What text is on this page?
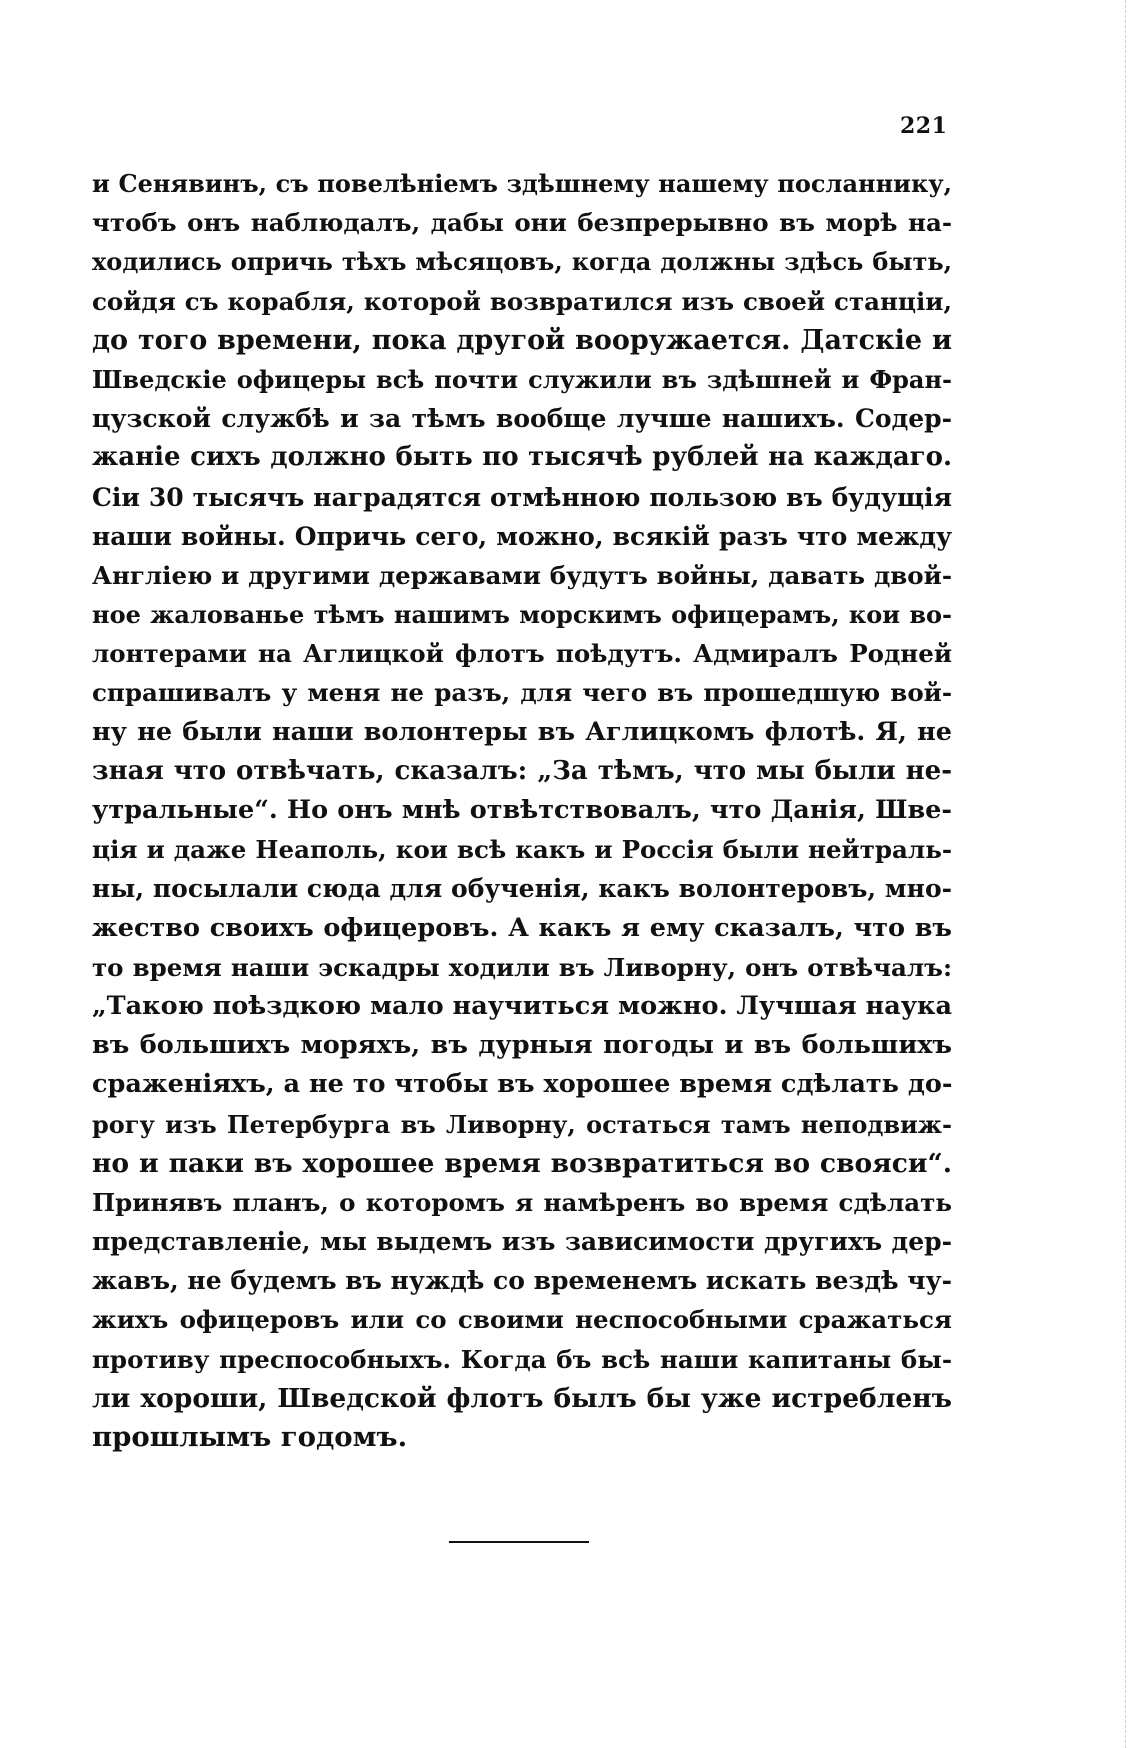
221
и Сенявинъ, съ повелѣніемъ здѣшнему нашему посланнику,
чтобъ онъ наблюдалъ, дабы они безпрерывно въ морѣ на-
ходились опричь тѣхъ мѣсяцовъ, когда должны здѣсь быть,
сойдя съ корабля, которой возвратился изъ своей станціи,
до того времени, пока другой вооружается. Датскіе и
Шведскіе офицеры всѣ почти служили въ здѣшней и Фран-
цузской службѣ и за тѣмъ вообще лучше нашихъ. Содер-
жаніе сихъ должно быть по тысячѣ рублей на каждаго.
Сіи 30 тысячъ наградятся отмѣнною пользою въ будущія
наши войны. Опричь сего, можно, всякій разъ что между
Англіею и другими державами будутъ войны, давать двой-
ное жалованье тѣмъ нашимъ морскимъ офицерамъ, кои во-
лонтерами на Аглицкой флотъ поѣдутъ. Адмиралъ Родней
спрашивалъ у меня не разъ, для чего въ прошедшую вой-
ну не были наши волонтеры въ Аглицкомъ флотѣ. Я, не
зная что отвѣчать, сказалъ: „За тѣмъ, что мы были не-
утральные“. Но онъ мнѣ отвѣтствовалъ, что Данія, Шве-
ція и даже Неаполь, кои всѣ какъ и Россія были нейтраль-
ны, посылали сюда для обученія, какъ волонтеровъ, мно-
жество своихъ офицеровъ. А какъ я ему сказалъ, что въ
то время наши эскадры ходили въ Ливорну, онъ отвѣчалъ:
„Такою поѣздкою мало научиться можно. Лучшая наука
въ большихъ моряхъ, въ дурныя погоды и въ большихъ
сраженіяхъ, а не то чтобы въ хорошее время сдѣлать до-
рогу изъ Петербурга въ Ливорну, остаться тамъ неподвиж-
но и паки въ хорошее время возвратиться во свояси“.
Принявъ планъ, о которомъ я намѣренъ во время сдѣлать
представленіе, мы выдемъ изъ зависимости другихъ дер-
жавъ, не будемъ въ нуждѣ со временемъ искать вездѣ чу-
жихъ офицеровъ или со своими неспособными сражаться
противу преспособныхъ. Когда бъ всѣ наши капитаны бы-
ли хороши, Шведской флотъ былъ бы уже истребленъ
прошлымъ годомъ.
